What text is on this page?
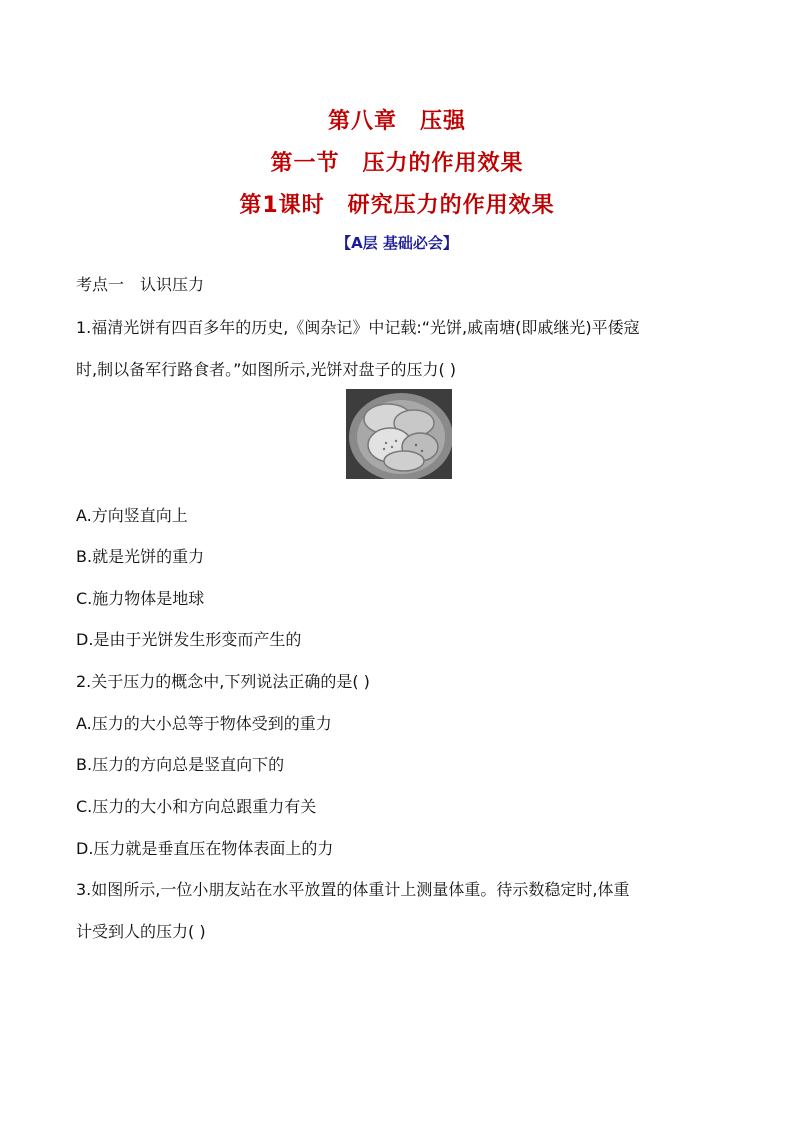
第八章　压强
第一节　压力的作用效果
第1课时　研究压力的作用效果
【A层 基础必会】
考点一　认识压力
1.福清光饼有四百多年的历史,《闽杂记》中记载:“光饼,戚南塘(即戚继光)平倭寇
时,制以备军行路食者。”如图所示,光饼对盘子的压力( )
A.方向竖直向上
B.就是光饼的重力
C.施力物体是地球
D.是由于光饼发生形变而产生的
2.关于压力的概念中,下列说法正确的是( )
A.压力的大小总等于物体受到的重力
B.压力的方向总是竖直向下的
C.压力的大小和方向总跟重力有关
D.压力就是垂直压在物体表面上的力
3.如图所示,一位小朋友站在水平放置的体重计上测量体重。待示数稳定时,体重
计受到人的压力( )
